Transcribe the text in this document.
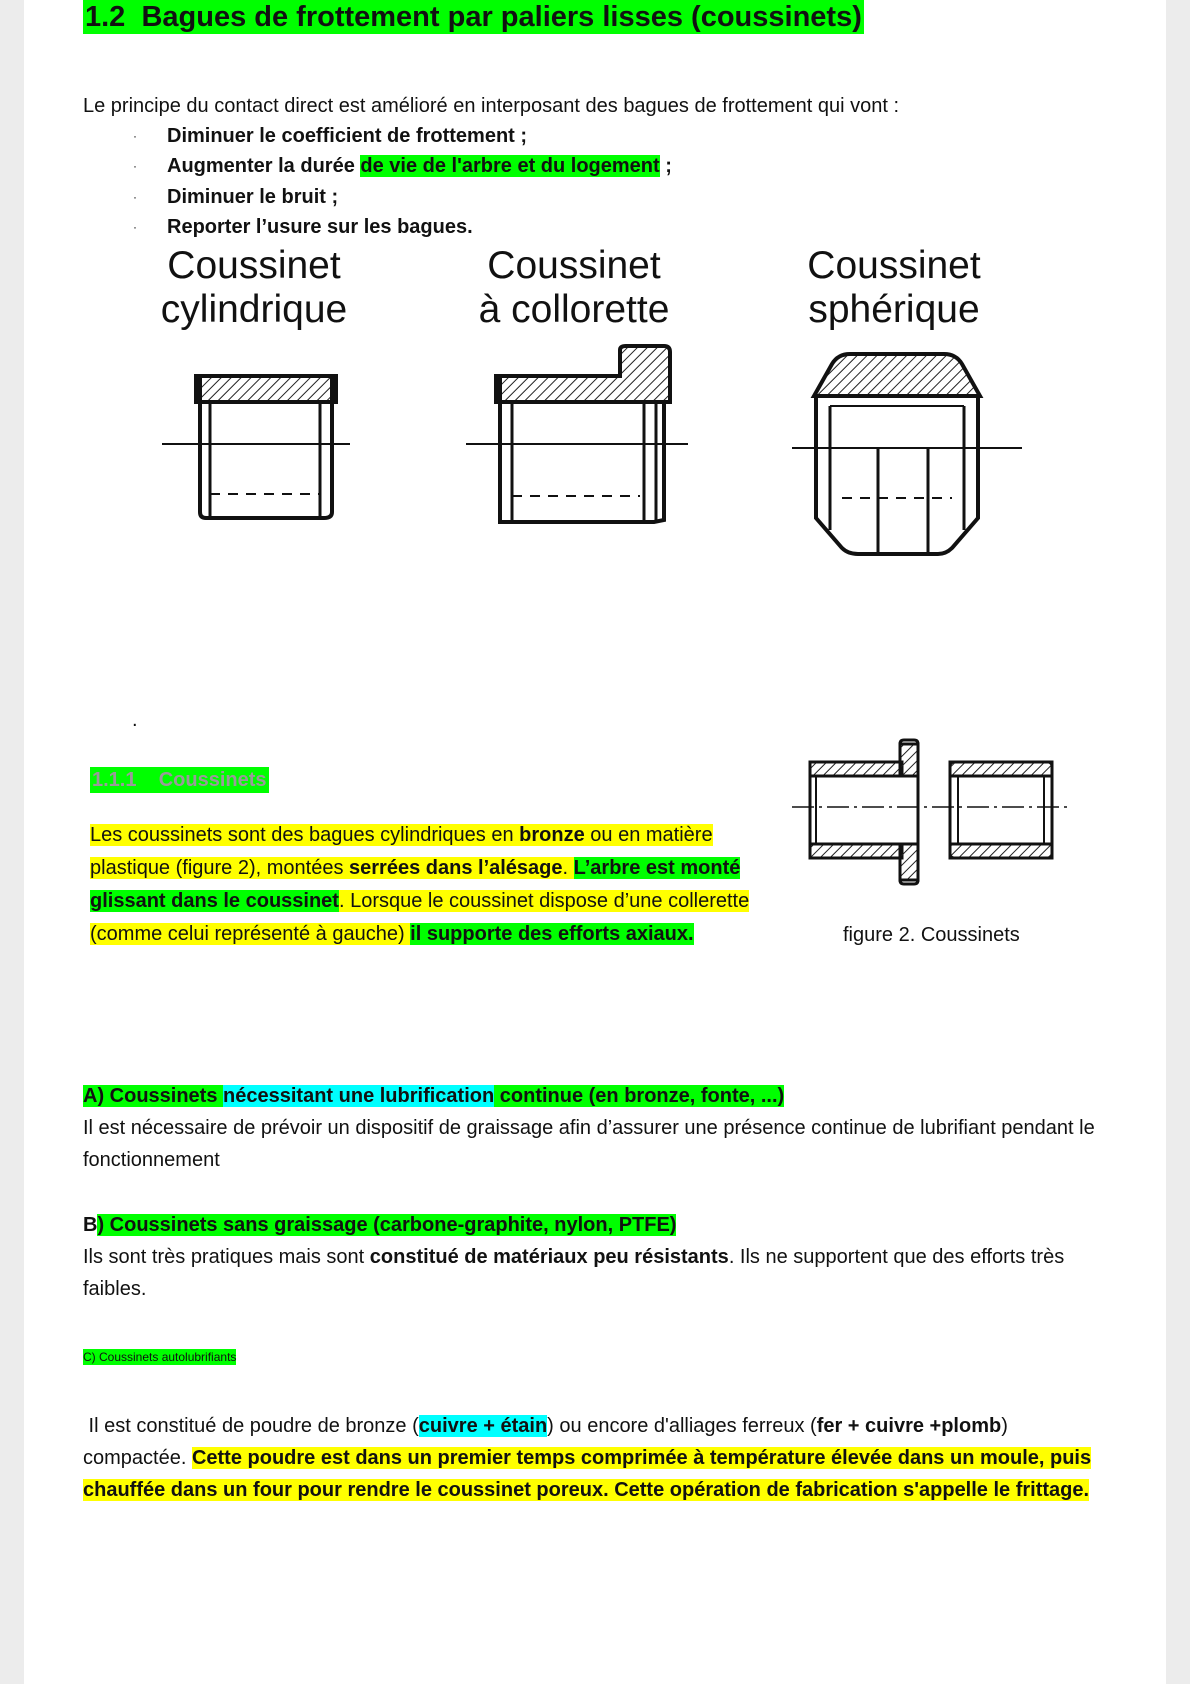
1.2 Bagues de frottement par paliers lisses (coussinets)
Le principe du contact direct est amélioré en interposant des bagues de frottement qui vont :
· Diminuer le coefficient de frottement ;
· Augmenter la durée de vie de l'arbre et du logement ;
· Diminuer le bruit ;
· Reporter l’usure sur les bagues.
Coussinet
cylindrique
Coussinet
à collorette
Coussinet
sphérique
.
1.1.1 Coussinets
Les coussinets sont des bagues cylindriques en bronze ou en matière
plastique (figure 2), montées serrées dans l’alésage. L’arbre est monté
glissant dans le coussinet. Lorsque le coussinet dispose d’une collerette
(comme celui représenté à gauche) il supporte des efforts axiaux.	figure 2. Coussinets
A) Coussinets nécessitant une lubrification continue (en bronze, fonte, ...)
Il est nécessaire de prévoir un dispositif de graissage afin d’assurer une présence continue de lubrifiant pendant le
fonctionnement
B) Coussinets sans graissage (carbone-graphite, nylon, PTFE)
Ils sont très pratiques mais sont constitué de matériaux peu résistants. Ils ne supportent que des efforts très
faibles.
C) Coussinets autolubrifiants
Il est constitué de poudre de bronze (cuivre + étain) ou encore d'alliages ferreux (fer + cuivre +plomb)
compactée. Cette poudre est dans un premier temps comprimée à température élevée dans un moule, puis
chauffée dans un four pour rendre le coussinet poreux. Cette opération de fabrication s'appelle le frittage.
